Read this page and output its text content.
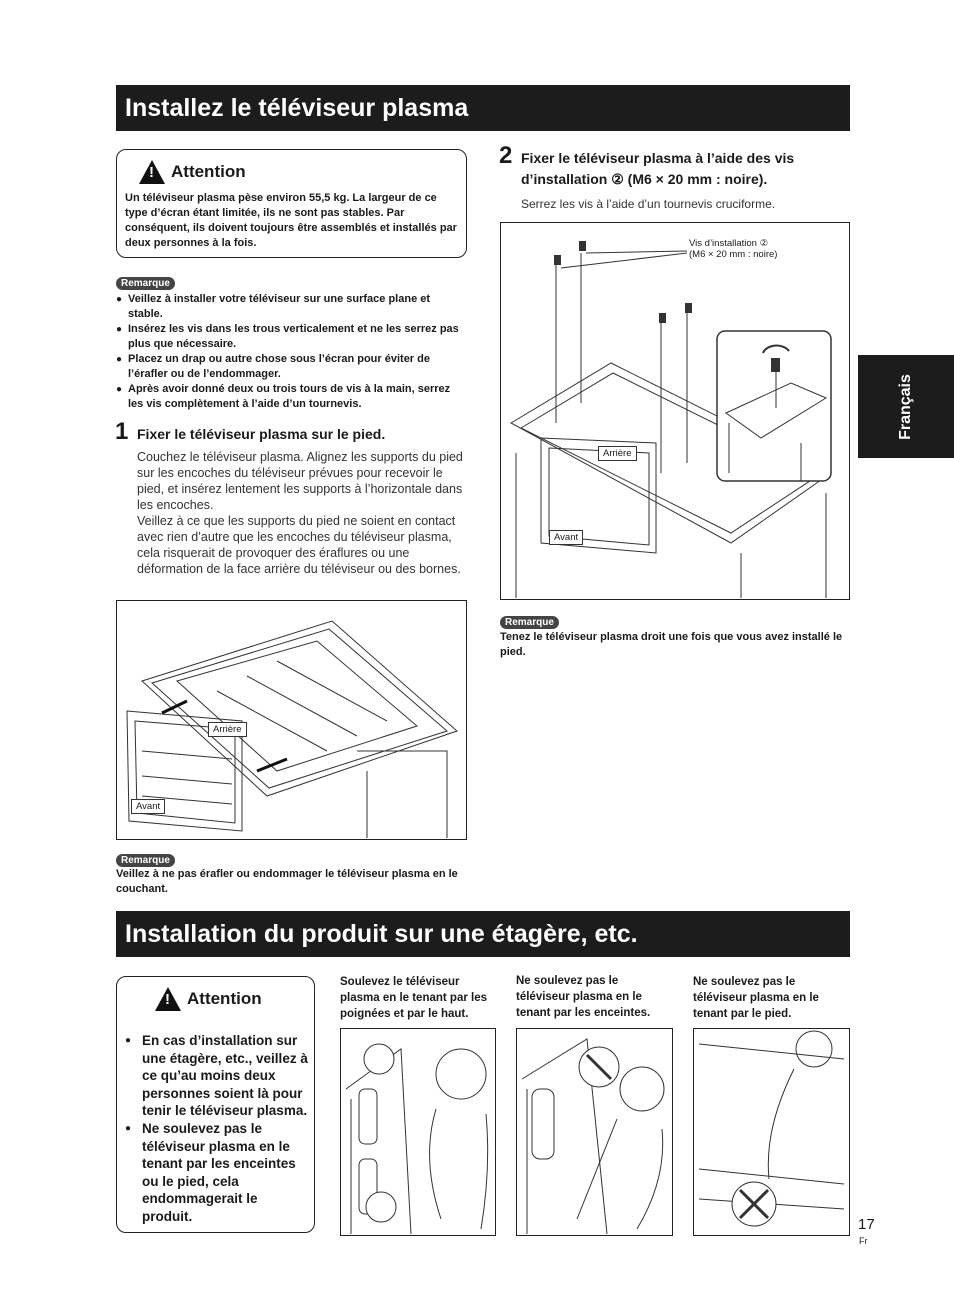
Installez le téléviseur plasma
!
Attention
Un téléviseur plasma pèse environ 55,5 kg. La largeur de ce type d’écran étant limitée, ils ne sont pas stables. Par conséquent, ils doivent toujours être assemblés et installés par deux personnes à la fois.
Remarque
● Veillez à installer votre téléviseur sur une surface plane et stable.
● Insérez les vis dans les trous verticalement et ne les serrez pas plus que nécessaire.
● Placez un drap ou autre chose sous l’écran pour éviter de l’érafler ou de l’endommager.
● Après avoir donné deux ou trois tours de vis à la main, serrez les vis complètement à l’aide d’un tournevis.
1 Fixer le téléviseur plasma sur le pied.
Couchez le téléviseur plasma. Alignez les supports du pied sur les encoches du téléviseur prévues pour recevoir le pied, et insérez lentement les supports à l’horizontale dans les encoches.
Veillez à ce que les supports du pied ne soient en contact avec rien d’autre que les encoches du téléviseur plasma, cela risquerait de provoquer des éraflures ou une déformation de la face arrière du téléviseur ou des bornes.
Arrière
Avant
Remarque
Veillez à ne pas érafler ou endommager le téléviseur plasma en le couchant.
2 Fixer le téléviseur plasma à l’aide des vis
d’installation ② (M6 × 20 mm : noire).
Serrez les vis à l’aide d’un tournevis cruciforme.
Vis d’installation ②
(M6 × 20 mm : noire)
Arrière
Avant
Remarque
Tenez le téléviseur plasma droit une fois que vous avez installé le pied.
Français
Installation du produit sur une étagère, etc.
!
Attention
● En cas d’installation sur une étagère, etc., veillez à ce qu’au moins deux personnes soient là pour tenir le téléviseur plasma.
● Ne soulevez pas le téléviseur plasma en le tenant par les enceintes ou le pied, cela endommagerait le produit.
Soulevez le téléviseur plasma en le tenant par les poignées et par le haut.
Ne soulevez pas le téléviseur plasma en le tenant par les enceintes.
Ne soulevez pas le téléviseur plasma en le tenant par le pied.
17
Fr
